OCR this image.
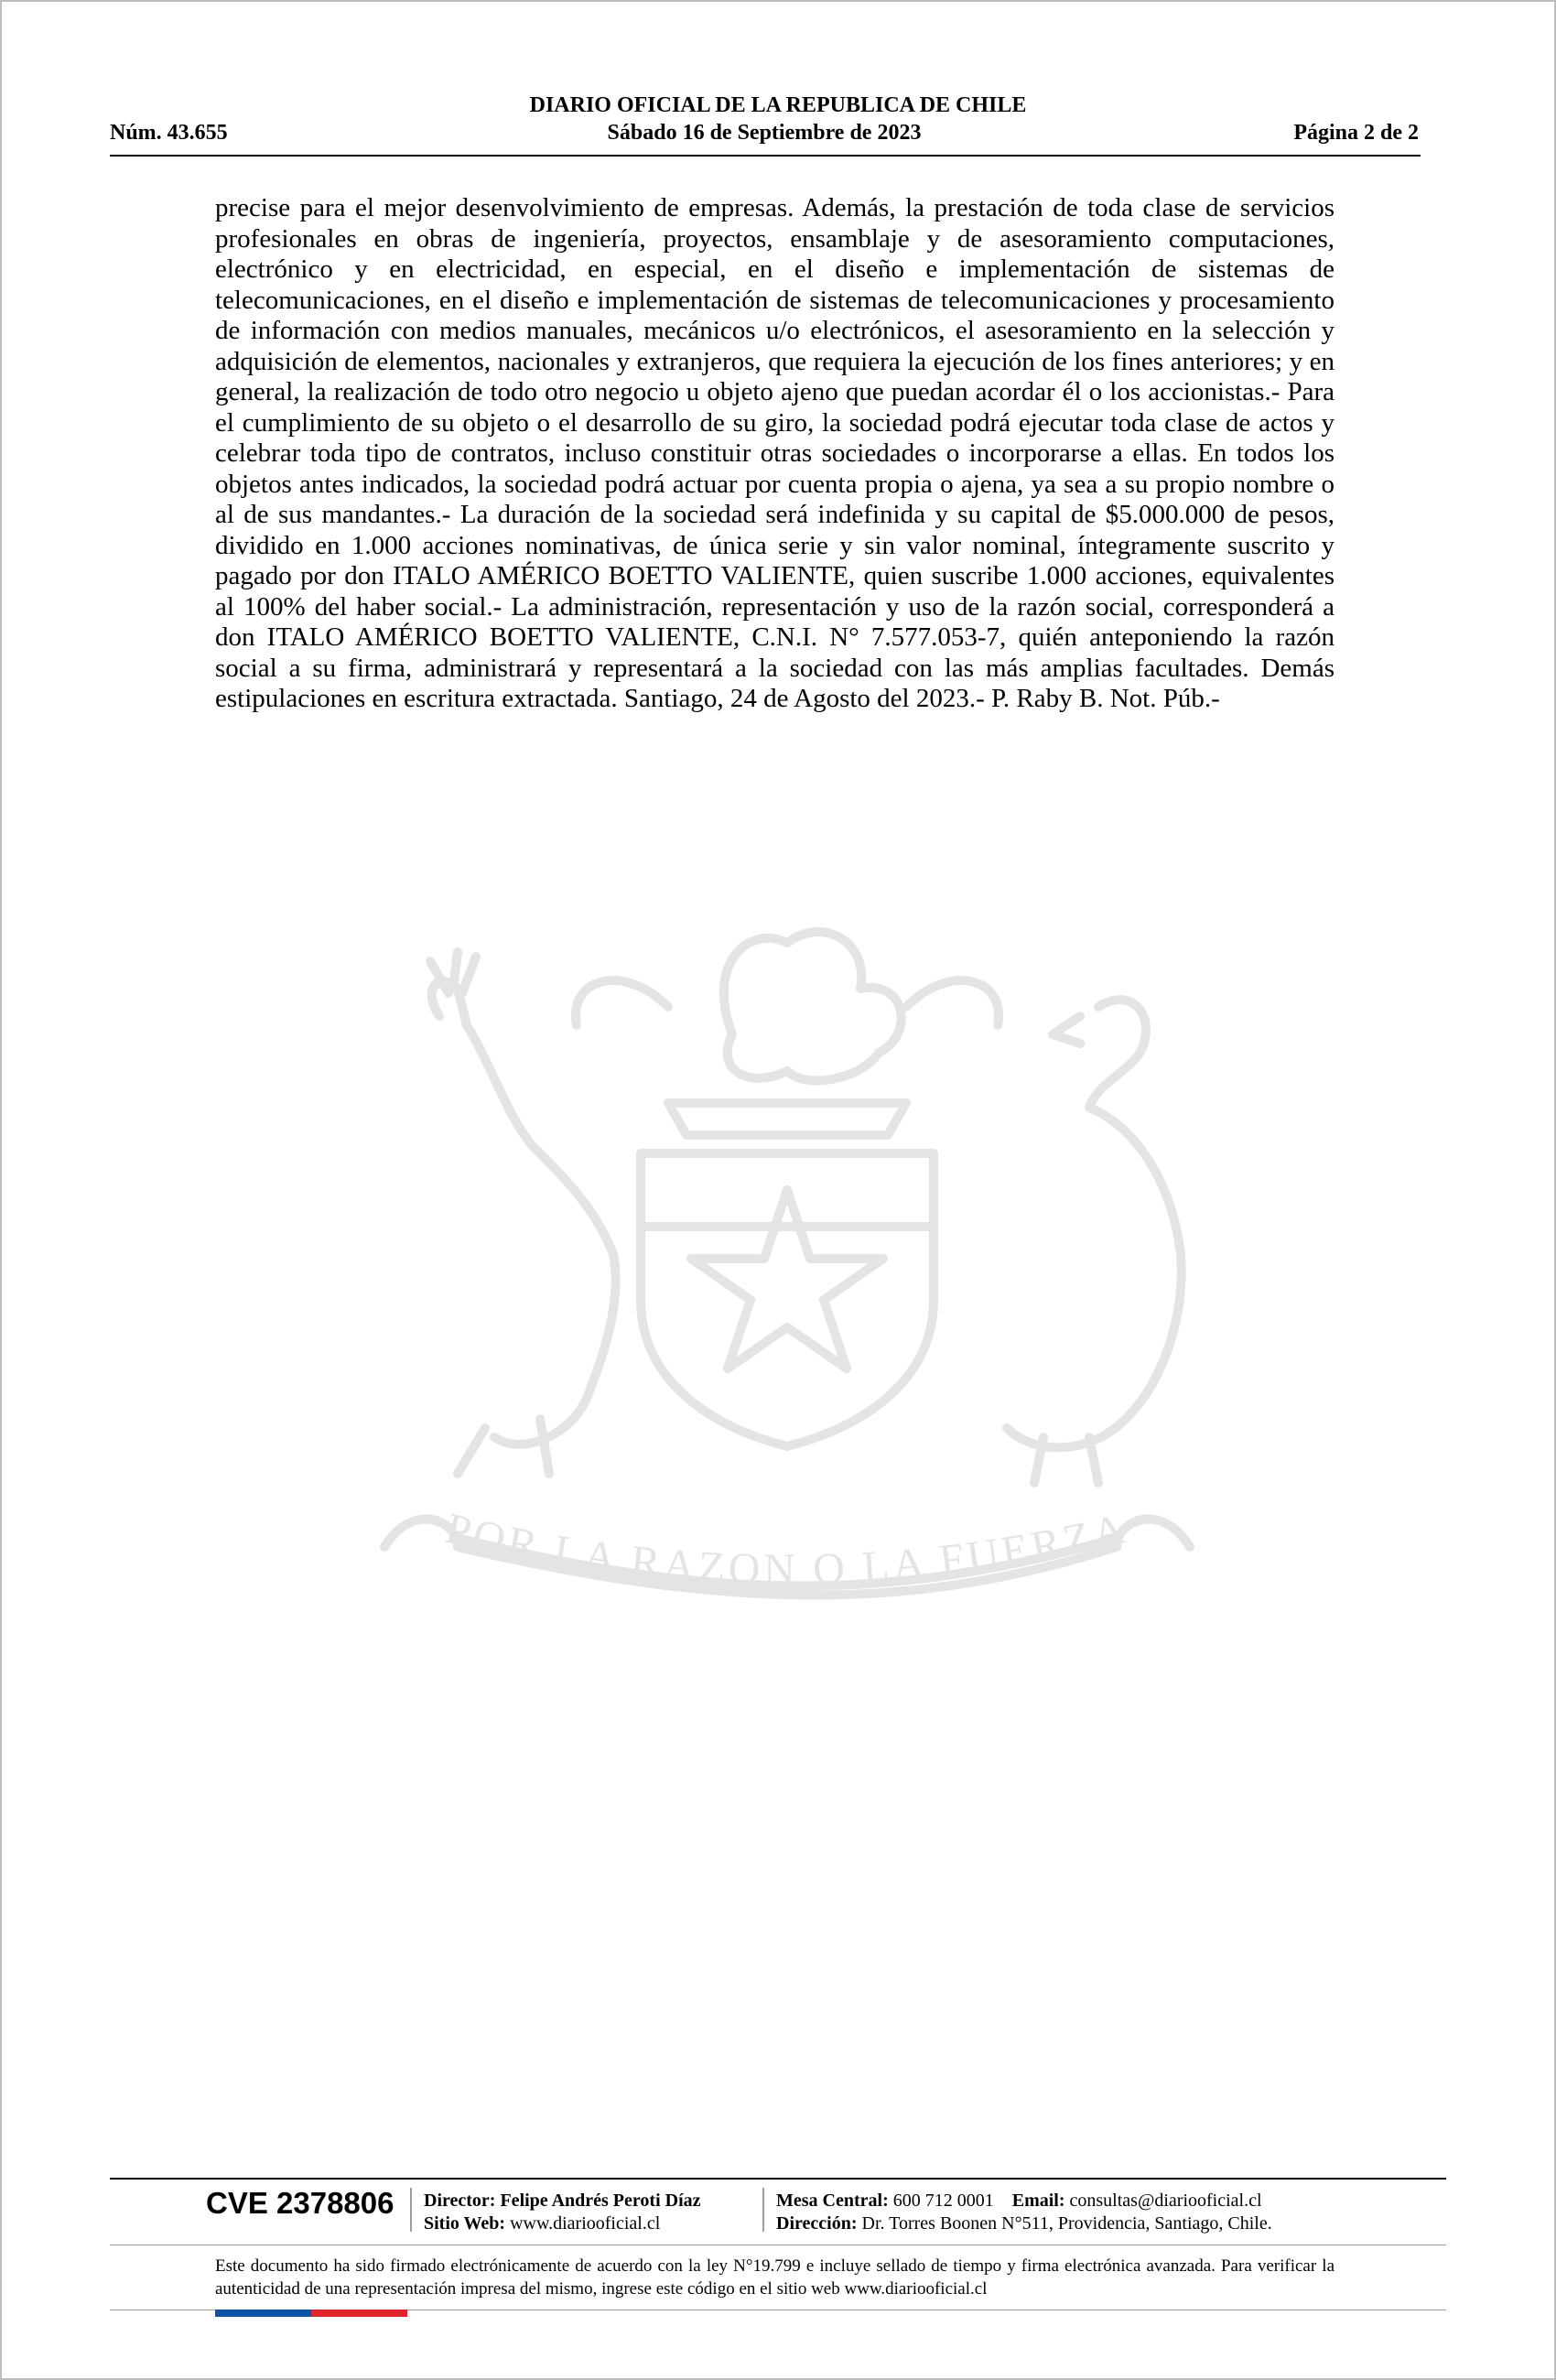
DIARIO OFICIAL DE LA REPUBLICA DE CHILE
Núm. 43.655	Sábado 16 de Septiembre de 2023	Página 2 de 2
precise para el mejor desenvolvimiento de empresas. Además, la prestación de toda clase de servicios profesionales en obras de ingeniería, proyectos, ensamblaje y de asesoramiento computaciones, electrónico y en electricidad, en especial, en el diseño e implementación de sistemas de telecomunicaciones, en el diseño e implementación de sistemas de telecomunicaciones y procesamiento de información con medios manuales, mecánicos u/o electrónicos, el asesoramiento en la selección y adquisición de elementos, nacionales y extranjeros, que requiera la ejecución de los fines anteriores; y en general, la realización de todo otro negocio u objeto ajeno que puedan acordar él o los accionistas.- Para el cumplimiento de su objeto o el desarrollo de su giro, la sociedad podrá ejecutar toda clase de actos y celebrar toda tipo de contratos, incluso constituir otras sociedades o incorporarse a ellas. En todos los objetos antes indicados, la sociedad podrá actuar por cuenta propia o ajena, ya sea a su propio nombre o al de sus mandantes.- La duración de la sociedad será indefinida y su capital de $5.000.000 de pesos, dividido en 1.000 acciones nominativas, de única serie y sin valor nominal, íntegramente suscrito y pagado por don ITALO AMÉRICO BOETTO VALIENTE, quien suscribe 1.000 acciones, equivalentes al 100% del haber social.- La administración, representación y uso de la razón social, corresponderá a don ITALO AMÉRICO BOETTO VALIENTE, C.N.I. N° 7.577.053-7, quién anteponiendo la razón social a su firma, administrará y representará a la sociedad con las más amplias facultades. Demás estipulaciones en escritura extractada. Santiago, 24 de Agosto del 2023.- P. Raby B. Not. Púb.-
POR LA RAZON O LA FUERZA
CVE 2378806 Director: Felipe Andrés Peroti Díaz
Sitio Web: www.diariooficial.cl
Mesa Central: 600 712 0001 Email: consultas@diariooficial.cl
Dirección: Dr. Torres Boonen N°511, Providencia, Santiago, Chile.
Este documento ha sido firmado electrónicamente de acuerdo con la ley N°19.799 e incluye sellado de tiempo y firma electrónica avanzada. Para verificar la autenticidad de una representación impresa del mismo, ingrese este código en el sitio web www.diariooficial.cl
